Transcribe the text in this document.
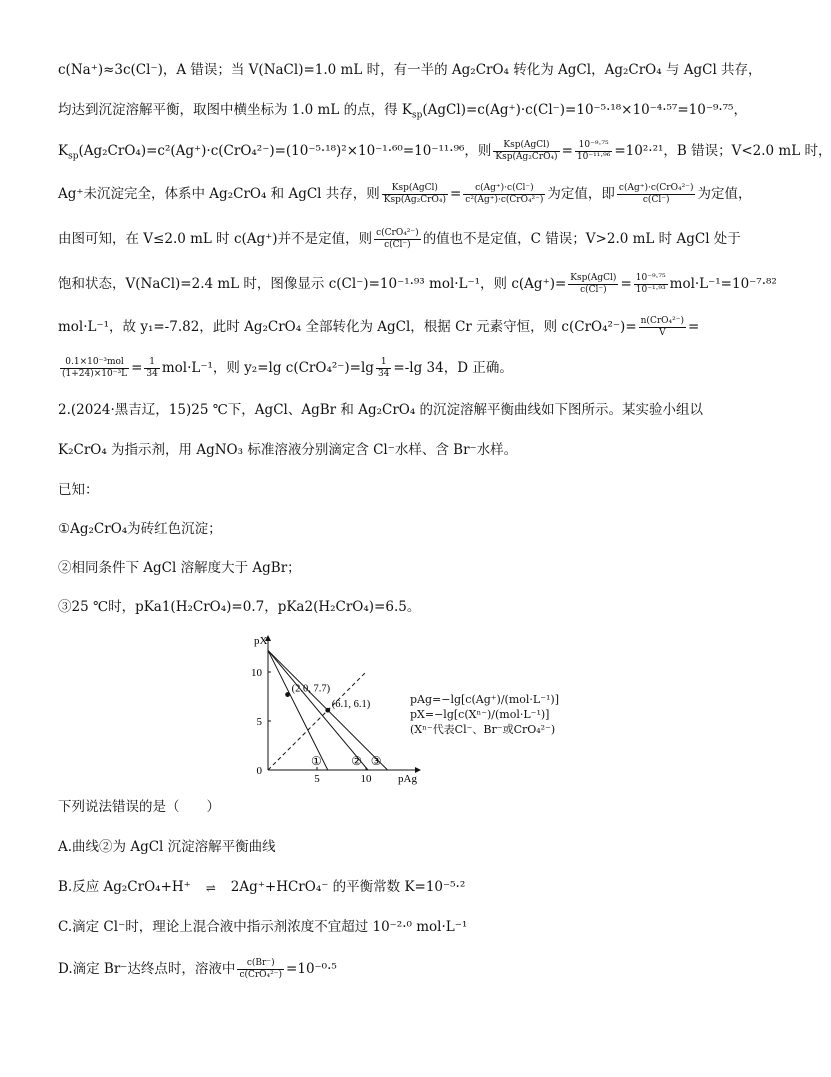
c(Na⁺)≈3c(Cl⁻)，A 错误；当 V(NaCl)=1.0 mL 时，有一半的 Ag₂CrO₄ 转化为 AgCl，Ag₂CrO₄ 与 AgCl 共存，
均达到沉淀溶解平衡，取图中横坐标为 1.0 mL 的点，得 $K_{sp}(AgCl)=c(Ag^+)\cdot c(Cl^-)=10^{-5}\cdot^{18}\times 10^{-4}\cdot^{57}=10^{-9}\cdot^{75}$，
$K_{sp}(Ag_2CrO_4)=c^2(Ag^+)\cdot c(CrO_4^{2-})=(10^{-5}\cdot^{18})^2\times 10^{-1}\cdot^{60}=10^{-11}\cdot^{96}$，则 $\frac{\text{Ksp(AgCl)}}{\text{Ksp(Ag₂CrO₄)}} = \frac{\text{10⁻⁹·⁷⁵}}{\text{10⁻¹¹·⁹⁶}} =10^2\cdot^{21}$，B 错误；V<2.0 mL 时，
Ag⁺未沉淀完全，体系中 Ag₂CrO₄ 和 AgCl 共存，则 $\frac{\text{Ksp(AgCl)}}{\text{Ksp(Ag₂CrO₄)}} = \frac{c(Ag^+)\cdot c(Cl^-)}{\text{c²(Ag⁺)·c(CrO₄²⁻)}}$ 为定值，即 $\frac{\text{c(Ag⁺)·c(CrO₄²⁻)}}{c(Cl^-)}$ 为定值，
由图可知，在 V≤2.0 mL 时 c(Ag⁺)并不是定值，则 $\frac{\text{c(CrO₄²⁻)}}{c(Cl^-)}$ 的值也不是定值，C 错误；V>2.0 mL 时 AgCl 处于
饱和状态，V(NaCl)=2.4 mL 时，图像显示 c(Cl⁻)=10⁻¹·⁹³ mol·L⁻¹，则 $c(Ag^+)= \frac{\text{Ksp(AgCl)}}{c(Cl^-)} = \frac{\text{10⁻⁹·⁷⁵}}{\text{10⁻¹·⁹³}} mol\cdot L^{-1}=10^{-7}\cdot^{82}$
mol·L⁻¹，故 y₁=-7.82，此时 Ag₂CrO₄ 全部转化为 AgCl，根据 Cr 元素守恒，则 $c(CrO_4^{2-})= \frac{\text{n(CrO₄²⁻)}}{V}$ =
$\frac{\text{0.1×10⁻³mol}}{\text{(1+24)×10⁻³L}} = \frac{1}{34} mol\cdot L^{-1}$，则 y₂=lg $c(CrO_4^{2-})=\lg \frac{1}{34} =-\lg$ 34，D 正确。
2.(2024·黑吉辽，15)25 ℃下，AgCl、AgBr 和 Ag₂CrO₄ 的沉淀溶解平衡曲线如下图所示。某实验小组以
K₂CrO₄ 为指示剂，用 AgNO₃ 标准溶液分别滴定含 Cl⁻水样、含 Br⁻水样。
已知：
①Ag₂CrO₄为砖红色沉淀；
②相同条件下 AgCl 溶解度大于 AgBr；
③25 ℃时，pKa1(H₂CrO₄)=0.7，pKa2(H₂CrO₄)=6.5。
pX
pAg
0
5
10
5	10
① ② ③
(2.0, 7.7)
(6.1, 6.1)	pAg=−lg[c(Ag⁺)/(mol·L⁻¹)]
pX=−lg[c(Xⁿ⁻)/(mol·L⁻¹)]
(Xⁿ⁻代表Cl⁻、Br⁻或CrO₄²⁻)
下列说法错误的是（　　）
A.曲线②为 AgCl 沉淀溶解平衡曲线
B.反应 Ag₂CrO₄+H⁺ ⇌ 2Ag⁺+HCrO₄⁻ 的平衡常数 K=10⁻⁵·²
C.滴定 Cl⁻时，理论上混合液中指示剂浓度不宜超过 10⁻²·⁰ mol·L⁻¹
D.滴定 Br⁻达终点时，溶液中 $\frac{c(Br^-)}{\text{c(CrO₄²⁻)}} =10^{-0}\cdot^5$
